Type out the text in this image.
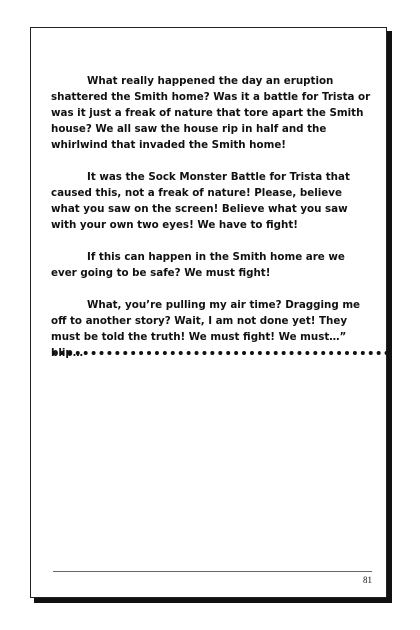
What really happened the day an eruption shattered the Smith home? Was it a battle for Trista or was it just a freak of nature that tore apart the Smith house? We all saw the house rip in half and the whirlwind that invaded the Smith home!

It was the Sock Monster Battle for Trista that caused this, not a freak of nature! Please, believe what you saw on the screen! Believe what you saw with your own two eyes! We have to fight!

If this can happen in the Smith home are we ever going to be safe? We must fight!

What, you’re pulling my air time? Dragging me off to another story? Wait, I am not done yet! They must be told the truth! We must fight! We must…” blip…

81
